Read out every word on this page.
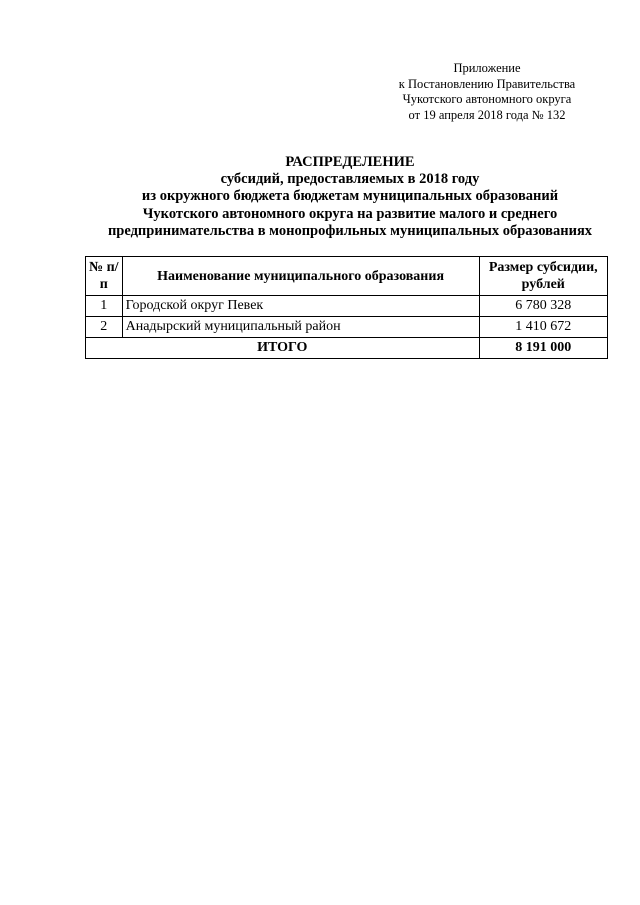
Приложение
к Постановлению Правительства
Чукотского автономного округа
от 19 апреля 2018 года № 132
РАСПРЕДЕЛЕНИЕ
субсидий, предоставляемых в 2018 году
из окружного бюджета бюджетам муниципальных образований
Чукотского автономного округа на развитие малого и среднего
предпринимательства в монопрофильных муниципальных образованиях
№ п/п	Наименование муниципального образования	Размер субсидии, рублей
1	Городской округ Певек	6 780 328
2	Анадырский муниципальный район	1 410 672
ИТОГО		8 191 000
